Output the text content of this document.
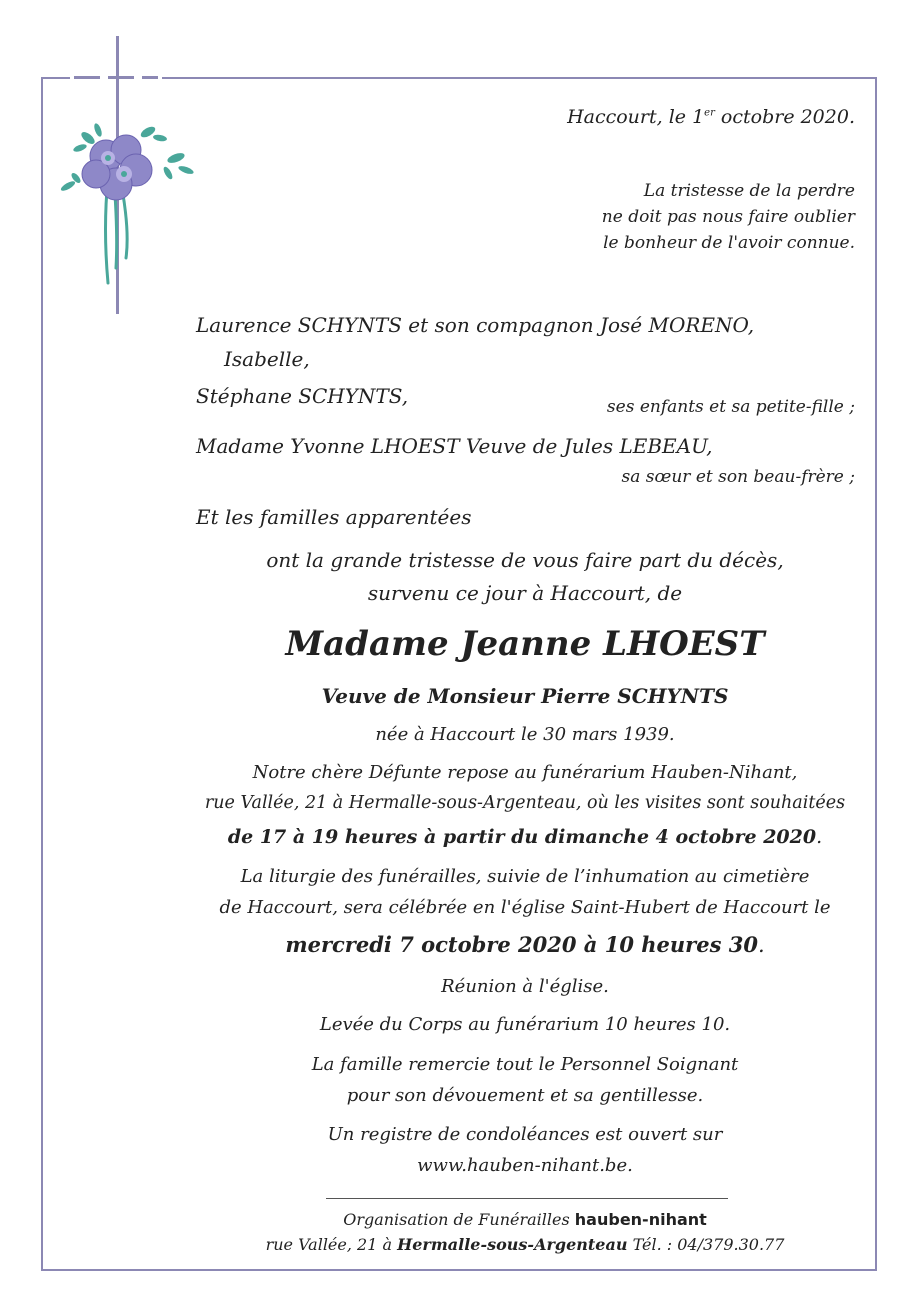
Haccourt, le 1er octobre 2020.
La tristesse de la perdre
ne doit pas nous faire oublier
le bonheur de l'avoir connue.
Laurence SCHYNTS et son compagnon José MORENO,
Isabelle,
Stéphane SCHYNTS,	ses enfants et sa petite-fille ;
Madame Yvonne LHOEST Veuve de Jules LEBEAU,
sa sœur et son beau-frère ;
Et les familles apparentées
ont la grande tristesse de vous faire part du décès,
survenu ce jour à Haccourt, de
Madame Jeanne LHOEST
Veuve de Monsieur Pierre SCHYNTS
née à Haccourt le 30 mars 1939.
Notre chère Défunte repose au funérarium Hauben-Nihant,
rue Vallée, 21 à Hermalle-sous-Argenteau, où les visites sont souhaitées
de 17 à 19 heures à partir du dimanche 4 octobre 2020.
La liturgie des funérailles, suivie de l’inhumation au cimetière
de Haccourt, sera célébrée en l'église Saint-Hubert de Haccourt le
mercredi 7 octobre 2020 à 10 heures 30.
Réunion à l'église.
Levée du Corps au funérarium 10 heures 10.
La famille remercie tout le Personnel Soignant
pour son dévouement et sa gentillesse.
Un registre de condoléances est ouvert sur
www.hauben-nihant.be.
Organisation de Funérailles hauben-nihant
rue Vallée, 21 à Hermalle-sous-Argenteau Tél. : 04/379.30.77
